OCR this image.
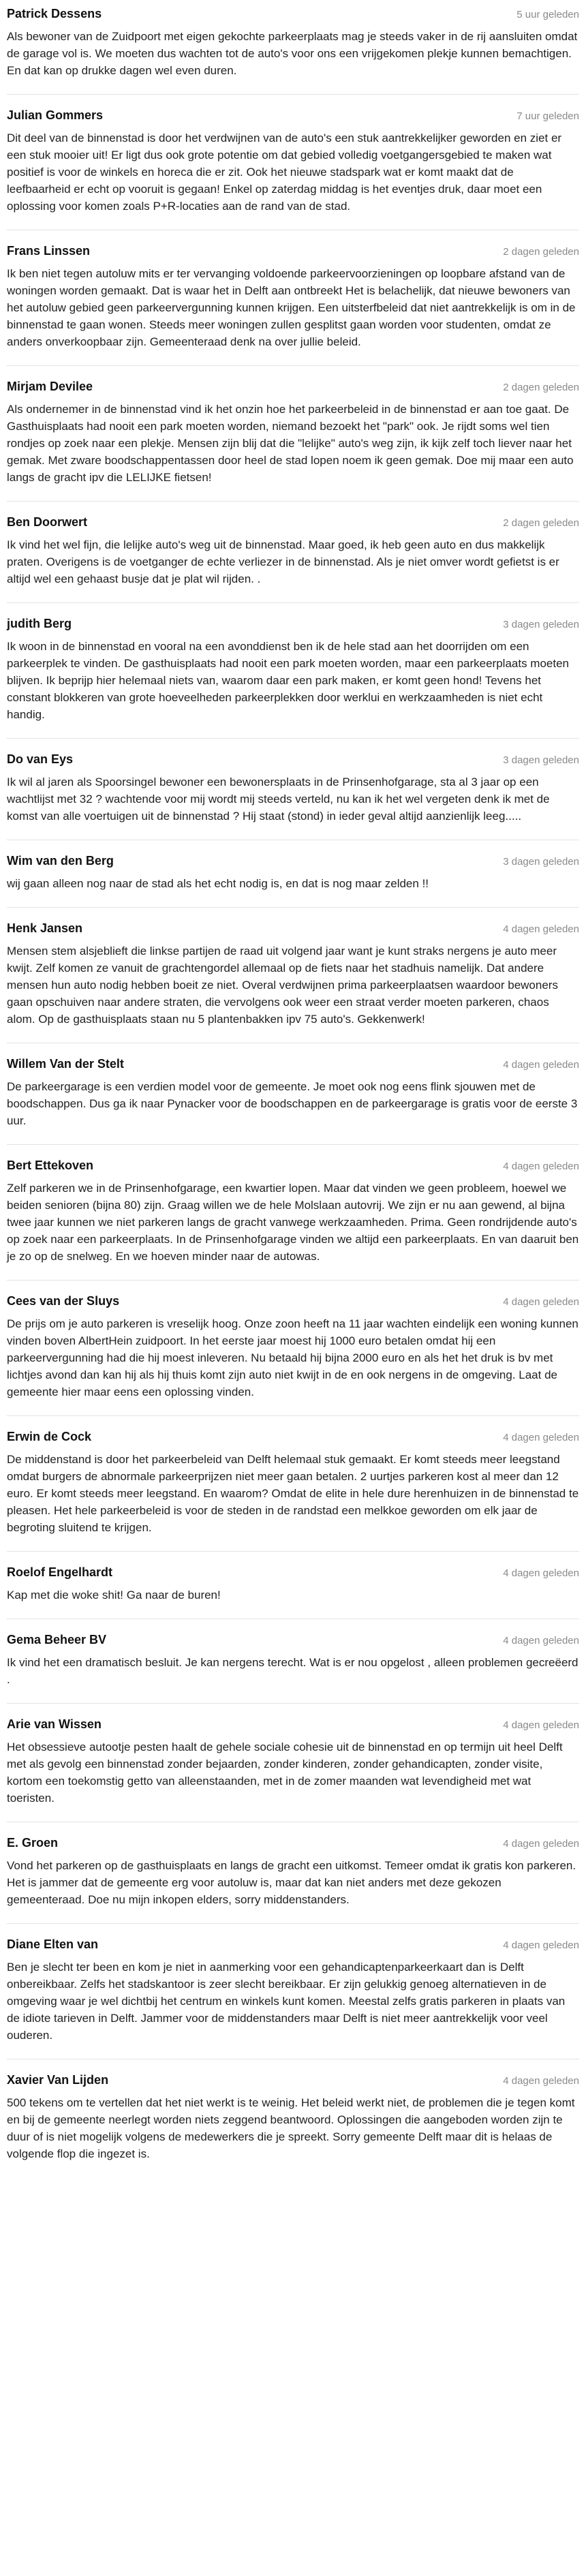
Patrick Dessens	5 uur geleden

Als bewoner van de Zuidpoort met eigen gekochte parkeerplaats mag je steeds vaker in de rij aansluiten omdat de garage vol is. We moeten dus wachten tot de auto's voor ons een vrijgekomen plekje kunnen bemachtigen. En dat kan op drukke dagen wel even duren.

Julian Gommers	7 uur geleden

Dit deel van de binnenstad is door het verdwijnen van de auto's een stuk aantrekkelijker geworden en ziet er een stuk mooier uit! Er ligt dus ook grote potentie om dat gebied volledig voetgangersgebied te maken wat positief is voor de winkels en horeca die er zit. Ook het nieuwe stadspark wat er komt maakt dat de leefbaarheid er echt op vooruit is gegaan! Enkel op zaterdag middag is het eventjes druk, daar moet een oplossing voor komen zoals P+R-locaties aan de rand van de stad.

Frans Linssen	2 dagen geleden

Ik ben niet tegen autoluw mits er ter vervanging voldoende parkeervoorzieningen op loopbare afstand van de woningen worden gemaakt. Dat is waar het in Delft aan ontbreekt Het is belachelijk, dat nieuwe bewoners van het autoluw gebied geen parkeervergunning kunnen krijgen. Een uitsterfbeleid dat niet aantrekkelijk is om in de binnenstad te gaan wonen. Steeds meer woningen zullen gesplitst gaan worden voor studenten, omdat ze anders onverkoopbaar zijn. Gemeenteraad denk na over jullie beleid.

Mirjam Devilee	2 dagen geleden

Als ondernemer in de binnenstad vind ik het onzin hoe het parkeerbeleid in de binnenstad er aan toe gaat. De Gasthuisplaats had nooit een park moeten worden, niemand bezoekt het "park" ook. Je rijdt soms wel tien rondjes op zoek naar een plekje. Mensen zijn blij dat die "lelijke" auto's weg zijn, ik kijk zelf toch liever naar het gemak. Met zware boodschappentassen door heel de stad lopen noem ik geen gemak. Doe mij maar een auto langs de gracht ipv die LELIJKE fietsen!

Ben Doorwert	2 dagen geleden

Ik vind het wel fijn, die lelijke auto's weg uit de binnenstad. Maar goed, ik heb geen auto en dus makkelijk praten. Overigens is de voetganger de echte verliezer in de binnenstad. Als je niet omver wordt gefietst is er altijd wel een gehaast busje dat je plat wil rijden. .

judith Berg	3 dagen geleden

Ik woon in de binnenstad en vooral na een avonddienst ben ik de hele stad aan het doorrijden om een parkeerplek te vinden. De gasthuisplaats had nooit een park moeten worden, maar een parkeerplaats moeten blijven. Ik beprijp hier helemaal niets van, waarom daar een park maken, er komt geen hond! Tevens het constant blokkeren van grote hoeveelheden parkeerplekken door werklui en werkzaamheden is niet echt handig.

Do van Eys	3 dagen geleden

Ik wil al jaren als Spoorsingel bewoner een bewonersplaats in de Prinsenhofgarage, sta al 3 jaar op een wachtlijst met 32 ? wachtende voor mij wordt mij steeds verteld, nu kan ik het wel vergeten denk ik met de komst van alle voertuigen uit de binnenstad ? Hij staat (stond) in ieder geval altijd aanzienlijk leeg.....

Wim van den Berg	3 dagen geleden

wij gaan alleen nog naar de stad als het echt nodig is, en dat is nog maar zelden !!

Henk Jansen	4 dagen geleden

Mensen stem alsjeblieft die linkse partijen de raad uit volgend jaar want je kunt straks nergens je auto meer kwijt. Zelf komen ze vanuit de grachtengordel allemaal op de fiets naar het stadhuis namelijk. Dat andere mensen hun auto nodig hebben boeit ze niet. Overal verdwijnen prima parkeerplaatsen waardoor bewoners gaan opschuiven naar andere straten, die vervolgens ook weer een straat verder moeten parkeren, chaos alom. Op de gasthuisplaats staan nu 5 plantenbakken ipv 75 auto's. Gekkenwerk!

Willem Van der Stelt	4 dagen geleden

De parkeergarage is een verdien model voor de gemeente. Je moet ook nog eens flink sjouwen met de boodschappen. Dus ga ik naar Pynacker voor de boodschappen en de parkeergarage is gratis voor de eerste 3 uur.

Bert Ettekoven	4 dagen geleden

Zelf parkeren we in de Prinsenhofgarage, een kwartier lopen. Maar dat vinden we geen probleem, hoewel we beiden senioren (bijna 80) zijn. Graag willen we de hele Molslaan autovrij. We zijn er nu aan gewend, al bijna twee jaar kunnen we niet parkeren langs de gracht vanwege werkzaamheden. Prima. Geen rondrijdende auto's op zoek naar een parkeerplaats. In de Prinsenhofgarage vinden we altijd een parkeerplaats. En van daaruit ben je zo op de snelweg. En we hoeven minder naar de autowas.

Cees van der Sluys	4 dagen geleden

De prijs om je auto parkeren is vreselijk hoog. Onze zoon heeft na 11 jaar wachten eindelijk een woning kunnen vinden boven AlbertHein zuidpoort. In het eerste jaar moest hij 1000 euro betalen omdat hij een parkeervergunning had die hij moest inleveren. Nu betaald hij bijna 2000 euro en als het het druk is bv met lichtjes avond dan kan hij als hij thuis komt zijn auto niet kwijt in de en ook nergens in de omgeving. Laat de gemeente hier maar eens een oplossing vinden.

Erwin de Cock	4 dagen geleden

De middenstand is door het parkeerbeleid van Delft helemaal stuk gemaakt. Er komt steeds meer leegstand omdat burgers de abnormale parkeerprijzen niet meer gaan betalen. 2 uurtjes parkeren kost al meer dan 12 euro. Er komt steeds meer leegstand. En waarom? Omdat de elite in hele dure herenhuizen in de binnenstad te pleasen. Het hele parkeerbeleid is voor de steden in de randstad een melkkoe geworden om elk jaar de begroting sluitend te krijgen.

Roelof Engelhardt	4 dagen geleden

Kap met die woke shit! Ga naar de buren!

Gema Beheer BV	4 dagen geleden

Ik vind het een dramatisch besluit. Je kan nergens terecht. Wat is er nou opgelost , alleen problemen gecreëerd .

Arie van Wissen	4 dagen geleden

Het obsessieve autootje pesten haalt de gehele sociale cohesie uit de binnenstad en op termijn uit heel Delft met als gevolg een binnenstad zonder bejaarden, zonder kinderen, zonder gehandicapten, zonder visite, kortom een toekomstig getto van alleenstaanden, met in de zomer maanden wat levendigheid met wat toeristen.

E. Groen	4 dagen geleden

Vond het parkeren op de gasthuisplaats en langs de gracht een uitkomst. Temeer omdat ik gratis kon parkeren. Het is jammer dat de gemeente erg voor autoluw is, maar dat kan niet anders met deze gekozen gemeenteraad. Doe nu mijn inkopen elders, sorry middenstanders.

Diane Elten van	4 dagen geleden

Ben je slecht ter been en kom je niet in aanmerking voor een gehandicaptenparkeerkaart dan is Delft onbereikbaar. Zelfs het stadskantoor is zeer slecht bereikbaar. Er zijn gelukkig genoeg alternatieven in de omgeving waar je wel dichtbij het centrum en winkels kunt komen. Meestal zelfs gratis parkeren in plaats van de idiote tarieven in Delft. Jammer voor de middenstanders maar Delft is niet meer aantrekkelijk voor veel ouderen.

Xavier Van Lijden	4 dagen geleden

500 tekens om te vertellen dat het niet werkt is te weinig. Het beleid werkt niet, de problemen die je tegen komt en bij de gemeente neerlegt worden niets zeggend beantwoord. Oplossingen die aangeboden worden zijn te duur of is niet mogelijk volgens de medewerkers die je spreekt. Sorry gemeente Delft maar dit is helaas de volgende flop die ingezet is.
